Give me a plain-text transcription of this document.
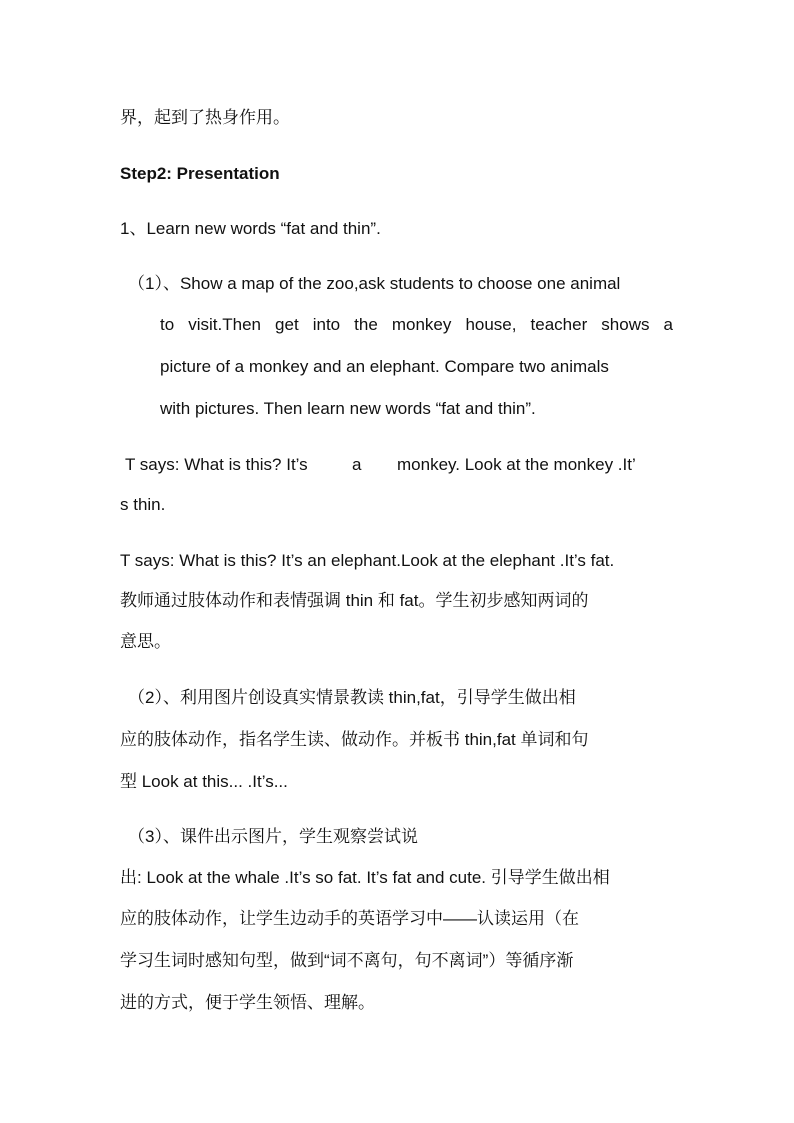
界，起到了热身作用。
Step2: Presentation
1、Learn new words “fat and thin”.
（1）、Show a map of the zoo,ask students to choose one animal
to visit.Then get into the monkey house, teacher shows a
picture of a monkey and an elephant. Compare two animals
with pictures. Then learn new words “fat and thin”.
T says: What is this? It’s	a monkey. Look at the monkey .It’
s thin.
T says: What is this? It’s an elephant.Look at the elephant .It’s fat.
教师通过肢体动作和表情强调 thin 和 fat。学生初步感知两词的
意思。
（2）、利用图片创设真实情景教读 thin,fat，引导学生做出相
应的肢体动作，指名学生读、做动作。并板书 thin,fat 单词和句
型 Look at this... .It’s...
（3）、课件出示图片，学生观察尝试说
出: Look at the whale .It’s so fat. It’s fat and cute. 引导学生做出相
应的肢体动作，让学生边动手的英语学习中——认读运用（在
学习生词时感知句型，做到“词不离句，句不离词”）等循序渐
进的方式，便于学生领悟、理解。
